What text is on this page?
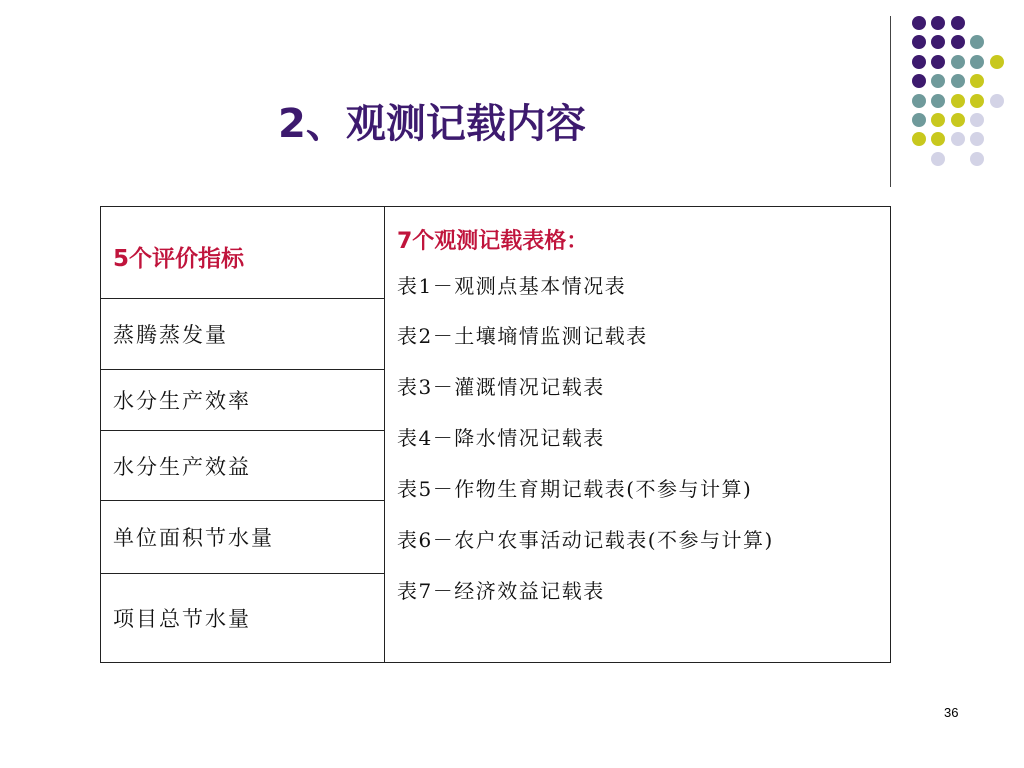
2、观测记载内容
5个评价指标
蒸腾蒸发量
水分生产效率
水分生产效益
单位面积节水量
项目总节水量
7个观测记载表格：
表1－观测点基本情况表
表2－土壤墒情监测记载表
表3－灌溉情况记载表
表4－降水情况记载表
表5－作物生育期记载表(不参与计算)
表6－农户农事活动记载表(不参与计算)
表7－经济效益记载表
36
